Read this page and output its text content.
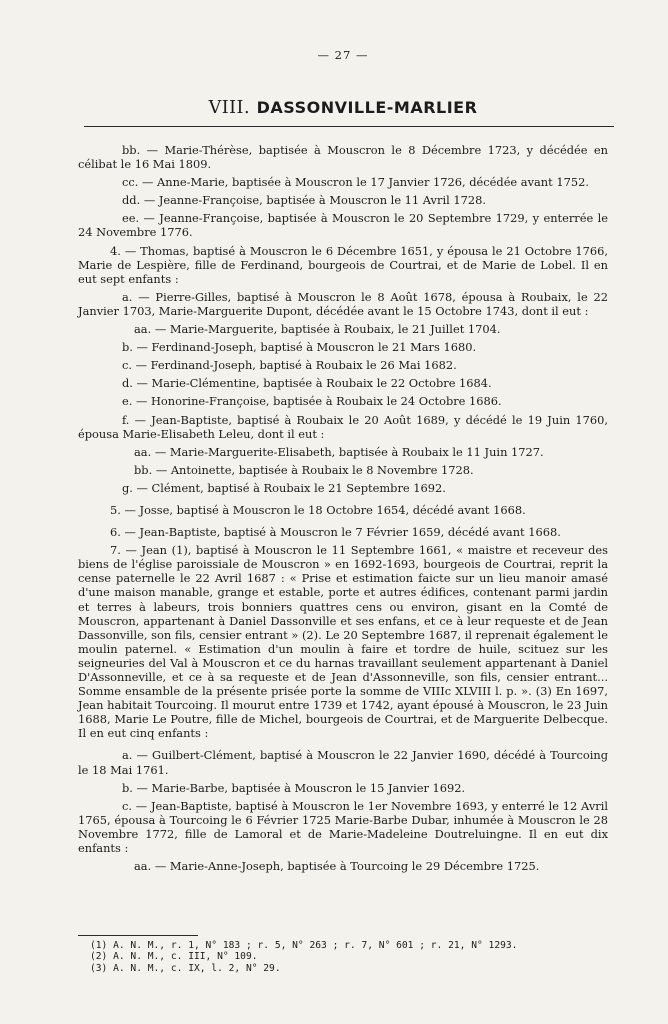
— 27 —
VIII. DASSONVILLE-MARLIER

bb. — Marie-Thérèse, baptisée à Mouscron le 8 Décembre 1723, y décédée en célibat le 16 Mai 1809.

cc. — Anne-Marie, baptisée à Mouscron le 17 Janvier 1726, décédée avant 1752.

dd. — Jeanne-Françoise, baptisée à Mouscron le 11 Avril 1728.

ee. — Jeanne-Françoise, baptisée à Mouscron le 20 Septembre 1729, y enterrée le 24 Novembre 1776.

4. — Thomas, baptisé à Mouscron le 6 Décembre 1651, y épousa le 21 Octobre 1766, Marie de Lespière, fille de Ferdinand, bourgeois de Courtrai, et de Marie de Lobel. Il en eut sept enfants :

a. — Pierre-Gilles, baptisé à Mouscron le 8 Août 1678, épousa à Roubaix, le 22 Janvier 1703, Marie-Marguerite Dupont, décédée avant le 15 Octobre 1743, dont il eut :

aa. — Marie-Marguerite, baptisée à Roubaix, le 21 Juillet 1704.

b. — Ferdinand-Joseph, baptisé à Mouscron le 21 Mars 1680.

c. — Ferdinand-Joseph, baptisé à Roubaix le 26 Mai 1682.

d. — Marie-Clémentine, baptisée à Roubaix le 22 Octobre 1684.

e. — Honorine-Françoise, baptisée à Roubaix le 24 Octobre 1686.

f. — Jean-Baptiste, baptisé à Roubaix le 20 Août 1689, y décédé le 19 Juin 1760, épousa Marie-Elisabeth Leleu, dont il eut :

aa. — Marie-Marguerite-Elisabeth, baptisée à Roubaix le 11 Juin 1727.

bb. — Antoinette, baptisée à Roubaix le 8 Novembre 1728.

g. — Clément, baptisé à Roubaix le 21 Septembre 1692.

5. — Josse, baptisé à Mouscron le 18 Octobre 1654, décédé avant 1668.

6. — Jean-Baptiste, baptisé à Mouscron le 7 Février 1659, décédé avant 1668.

7. — Jean (1), baptisé à Mouscron le 11 Septembre 1661, « maistre et receveur des biens de l'église paroissiale de Mouscron » en 1692-1693, bourgeois de Courtrai, reprit la cense paternelle le 22 Avril 1687 : « Prise et estimation faicte sur un lieu manoir amasé d'une maison manable, grange et estable, porte et autres édifices, contenant parmi jardin et terres à labeurs, trois bonniers quattres cens ou environ, gisant en la Comté de Mouscron, appartenant à Daniel Dassonville et ses enfans, et ce à leur requeste et de Jean Dassonville, son fils, censier entrant » (2). Le 20 Septembre 1687, il reprenait également le moulin paternel. « Estimation d'un moulin à faire et tordre de huile, scituez sur les seigneuries del Val à Mouscron et ce du harnas travaillant seulement appartenant à Daniel D'Assonneville, et ce à sa requeste et de Jean d'Assonneville, son fils, censier entrant... Somme ensamble de la présente prisée porte la somme de VIIIc XLVIII l. p. ». (3) En 1697, Jean habitait Tourcoing. Il mourut entre 1739 et 1742, ayant épousé à Mouscron, le 23 Juin 1688, Marie Le Poutre, fille de Michel, bourgeois de Courtrai, et de Marguerite Delbecque. Il en eut cinq enfants :

a. — Guilbert-Clément, baptisé à Mouscron le 22 Janvier 1690, décédé à Tourcoing le 18 Mai 1761.

b. — Marie-Barbe, baptisée à Mouscron le 15 Janvier 1692.

c. — Jean-Baptiste, baptisé à Mouscron le 1er Novembre 1693, y enterré le 12 Avril 1765, épousa à Tourcoing le 6 Février 1725 Marie-Barbe Dubar, inhumée à Mouscron le 28 Novembre 1772, fille de Lamoral et de Marie-Madeleine Doutreluingne. Il en eut dix enfants :

aa. — Marie-Anne-Joseph, baptisée à Tourcoing le 29 Décembre 1725.

(1) A. N. M., r. 1, N° 183 ; r. 5, N° 263 ; r. 7, N° 601 ; r. 21, N° 1293.

(2) A. N. M., c. III, N° 109.

(3) A. N. M., c. IX, l. 2, N° 29.
